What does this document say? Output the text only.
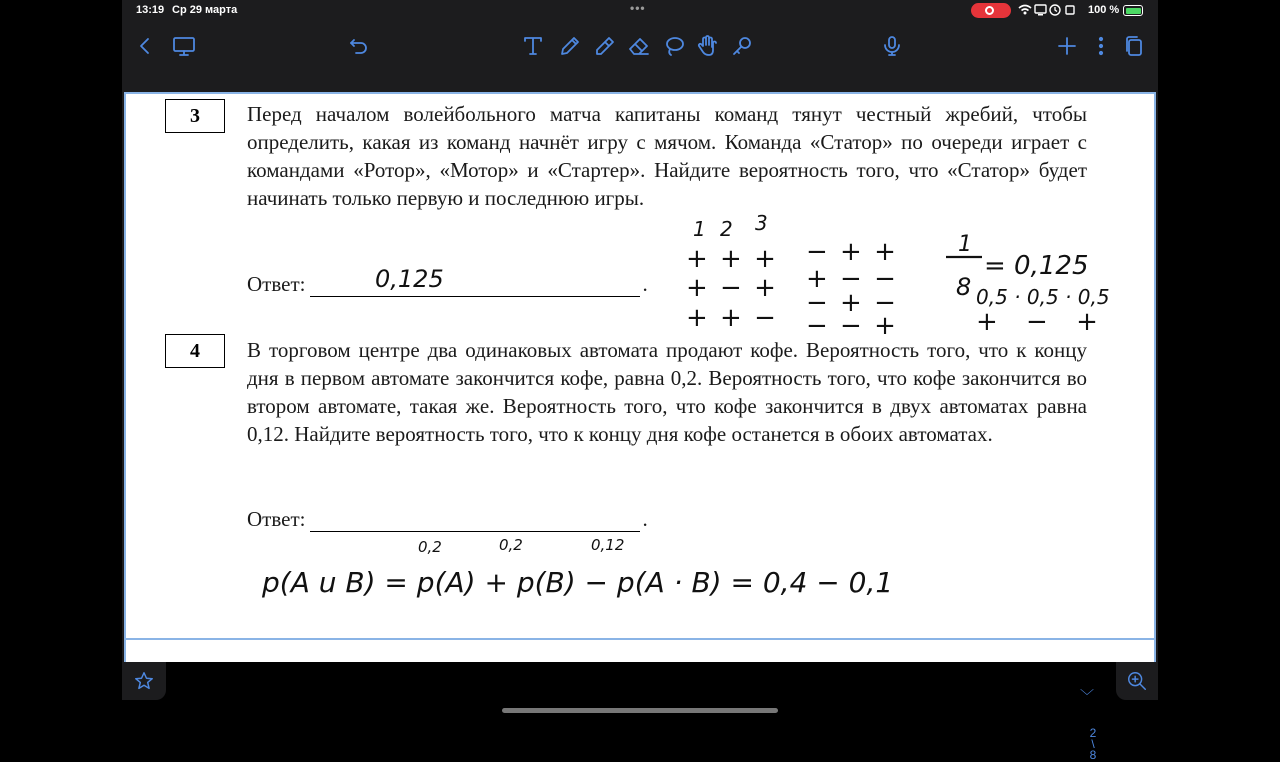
13:19 Ср 29 марта	•••	100 %
3	Перед началом волейбольного матча капитаны команд тянут честный жребий, чтобы определить, какая из команд начнёт игру с мячом. Команда «Статор» по очереди играет с командами «Ротор», «Мотор» и «Стартер». Найдите вероятность того, что «Статор» будет начинать только первую и последнюю игры.
Ответ:	.
4	В торговом центре два одинаковых автомата продают кофе. Вероятность того, что к концу дня в первом автомате закончится кофе, равна 0,2. Вероятность того, что кофе закончится во втором автомате, такая же. Вероятность того, что кофе закончится в двух автоматах равна 0,12. Найдите вероятность того, что к концу дня кофе останется в обоих автоматах.
Ответ:	.
0,125
1 2 3
+ + +
+ − +
+ + −
− + +
+ − −
− + −
− − +
1
8
= 0,125
0,5 · 0,5 · 0,5
+ − +
0,2	0,2	0,12
p(A u B) = p(A) + p(B) − p(A · B) = 0,4 − 0,1
2
\
8
﹀
